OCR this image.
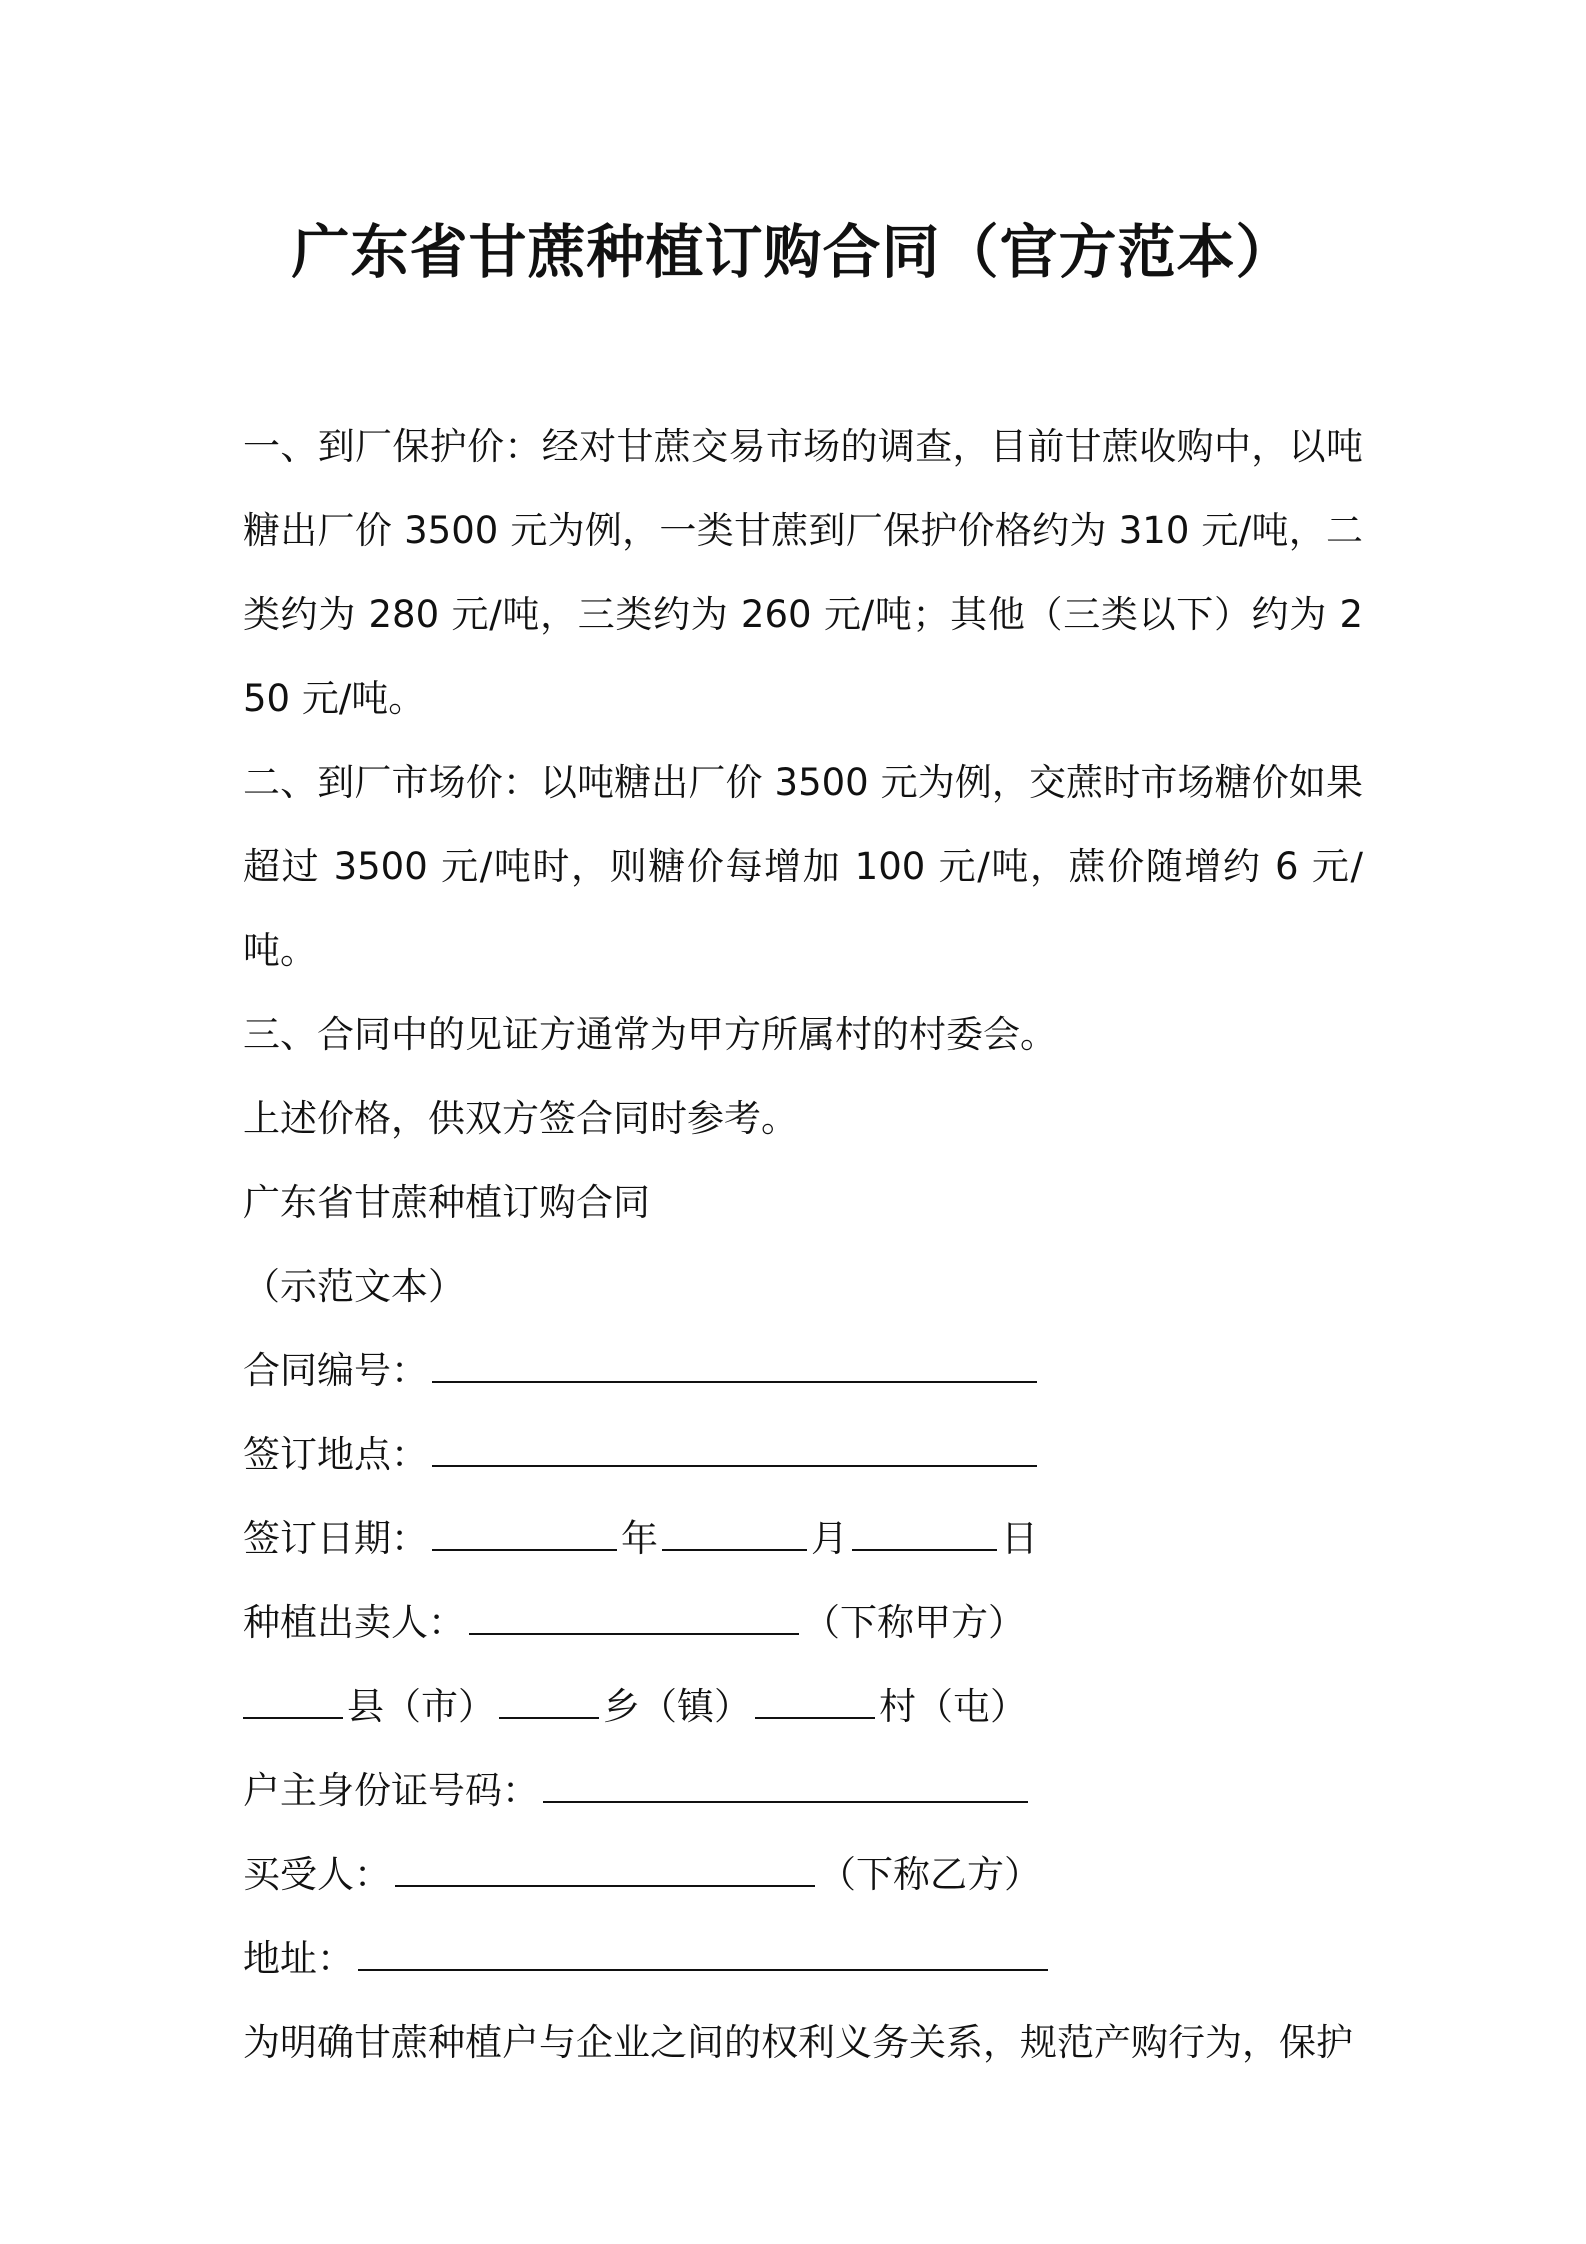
广东省甘蔗种植订购合同（官方范本）

一、到厂保护价：经对甘蔗交易市场的调查，目前甘蔗收购中，以吨糖出厂价 3500 元为例，一类甘蔗到厂保护价格约为 310 元/吨，二类约为 280 元/吨，三类约为 260 元/吨；其他（三类以下）约为 250 元/吨。

二、到厂市场价：以吨糖出厂价 3500 元为例，交蔗时市场糖价如果超过 3500 元/吨时，则糖价每增加 100 元/吨，蔗价随增约 6 元/吨。

三、合同中的见证方通常为甲方所属村的村委会。

上述价格，供双方签合同时参考。

广东省甘蔗种植订购合同

（示范文本）

合同编号：
签订地点：
签订日期：	年	月	日
种植出卖人：	（下称甲方）
县（市）	乡（镇）	村（屯）
户主身份证号码：
买受人：	（下称乙方）
地址：

为明确甘蔗种植户与企业之间的权利义务关系，规范产购行为，保护
